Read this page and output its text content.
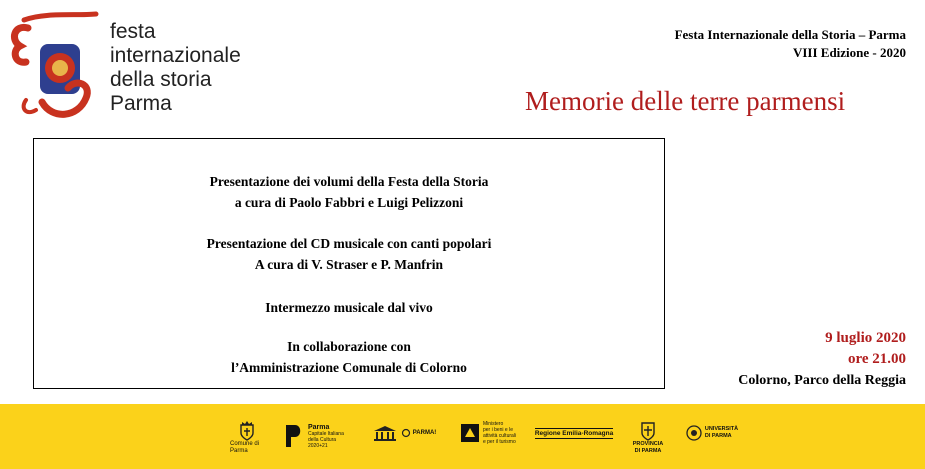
festa
internazionale
della storia
Parma
Festa Internazionale della Storia – Parma
VIII Edizione - 2020
Memorie delle terre parmensi

Presentazione dei volumi della Festa della Storia

a cura di Paolo Fabbri e Luigi Pelizzoni

Presentazione del CD musicale con canti popolari

A cura di V. Straser e P. Manfrin

Intermezzo musicale dal vivo

In collaborazione con

l’Amministrazione Comunale di Colorno

9 luglio 2020
ore 21.00
Colorno, Parco della Reggia
Comune di Parma
Parma
Capitale Italiana
della Cultura
2020+21
PARMA!
Ministero
per i beni e le
attività culturali
e per il turismo
Regione Emilia-Romagna
PROVINCIA
DI PARMA
UNIVERSITÀ
DI PARMA
